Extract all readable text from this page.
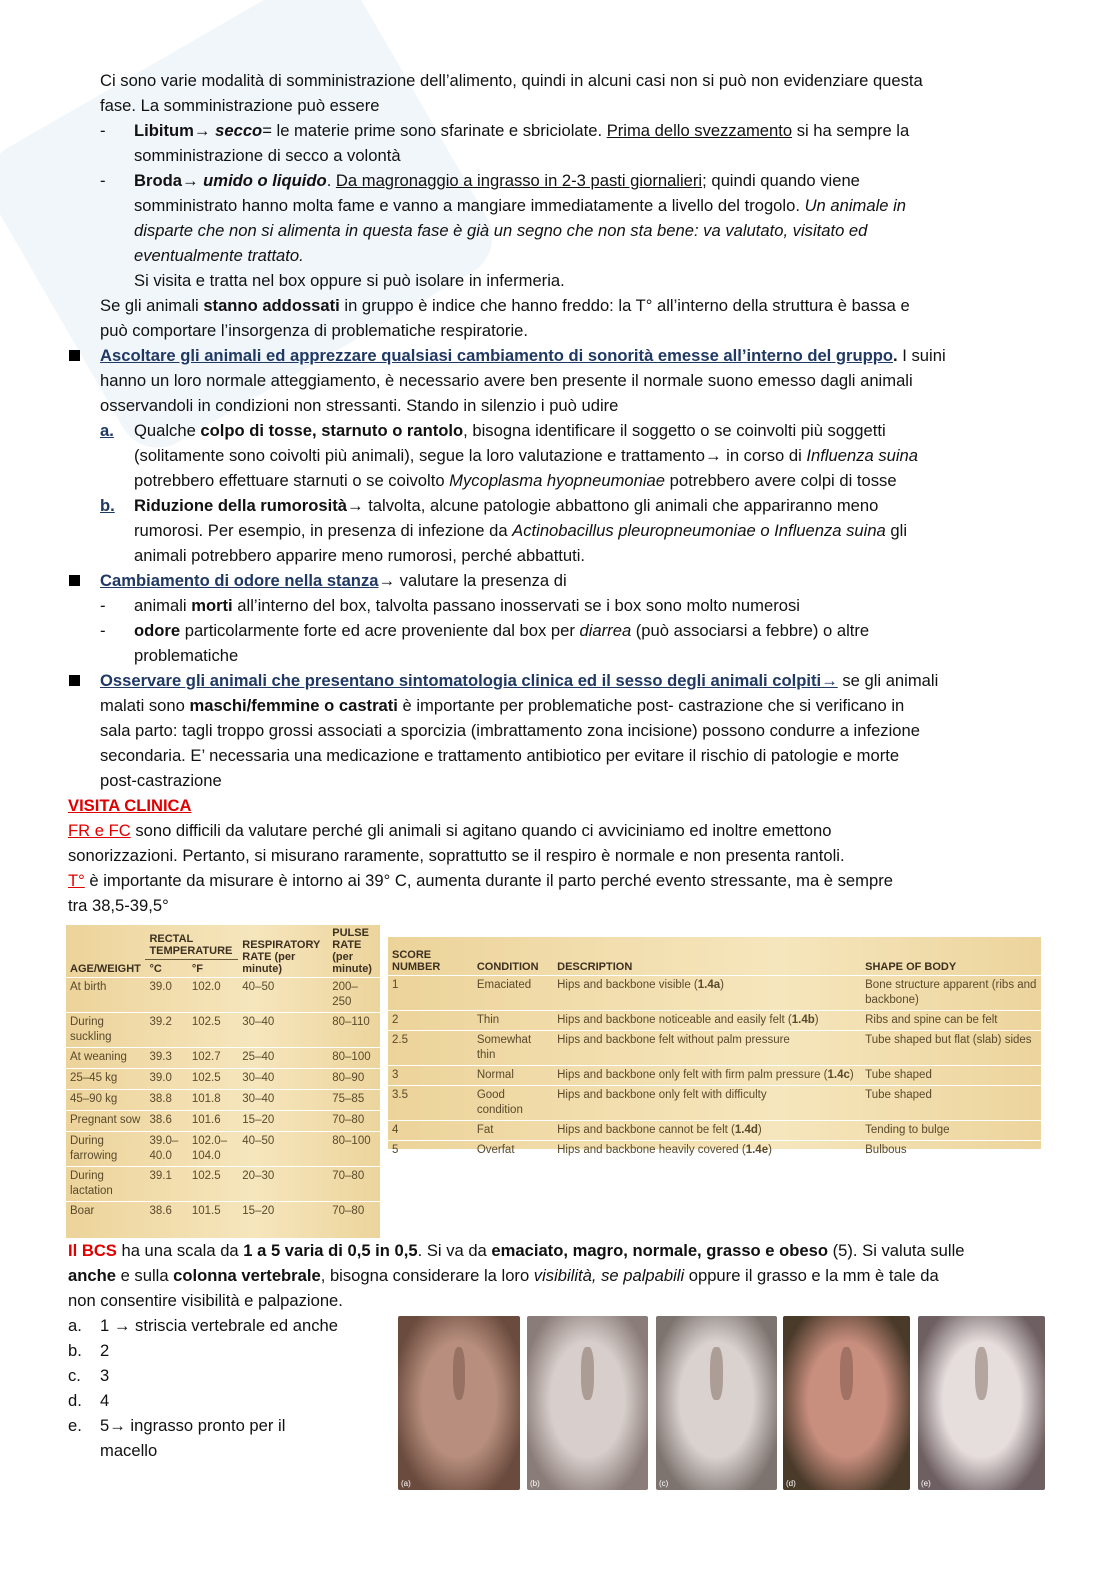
Ci sono varie modalità di somministrazione dell’alimento, quindi in alcuni casi non si può non evidenziare questa
fase. La somministrazione può essere
Libitum→ secco= le materie prime sono sfarinate e sbriciolate. Prima dello svezzamento si ha sempre la
-
somministrazione di secco a volontà
Broda→ umido o liquido. Da magronaggio a ingrasso in 2-3 pasti giornalieri; quindi quando viene
-
somministrato hanno molta fame e vanno a mangiare immediatamente a livello del trogolo. Un animale in
disparte che non si alimenta in questa fase è già un segno che non sta bene: va valutato, visitato ed
eventualmente trattato.
Si visita e tratta nel box oppure si può isolare in infermeria.
Se gli animali stanno addossati in gruppo è indice che hanno freddo: la T° all’interno della struttura è bassa e
può comportare l’insorgenza di problematiche respiratorie.
Ascoltare gli animali ed apprezzare qualsiasi cambiamento di sonorità emesse all’interno del gruppo. I suini
hanno un loro normale atteggiamento, è necessario avere ben presente il normale suono emesso dagli animali
osservandoli in condizioni non stressanti. Stando in silenzio i può udire
Qualche colpo di tosse, starnuto o rantolo, bisogna identificare il soggetto o se coinvolti più soggetti
a.
(solitamente sono coivolti più animali), segue la loro valutazione e trattamento→ in corso di Influenza suina
potrebbero effettuare starnuti o se coivolto Mycoplasma hyopneumoniae potrebbero avere colpi di tosse
Riduzione della rumorosità→ talvolta, alcune patologie abbattono gli animali che appariranno meno
b.
rumorosi. Per esempio, in presenza di infezione da Actinobacillus pleuropneumoniae o Influenza suina gli
animali potrebbero apparire meno rumorosi, perché abbattuti.
Cambiamento di odore nella stanza→ valutare la presenza di
animali morti all’interno del box, talvolta passano inosservati se i box sono molto numerosi
-
odore particolarmente forte ed acre proveniente dal box per diarrea (può associarsi a febbre) o altre
-
problematiche
Osservare gli animali che presentano sintomatologia clinica ed il sesso degli animali colpiti→ se gli animali
malati sono maschi/femmine o castrati è importante per problematiche post- castrazione che si verificano in
sala parto: tagli troppo grossi associati a sporcizia (imbrattamento zona incisione) possono condurre a infezione
secondaria. E’ necessaria una medicazione e trattamento antibiotico per evitare il rischio di patologie e morte
post-castrazione
VISITA CLINICA
FR e FC sono difficili da valutare perché gli animali si agitano quando ci avviciniamo ed inoltre emettono
sonorizzazioni. Pertanto, si misurano raramente, soprattutto se il respiro è normale e non presenta rantoli.
T° è importante da misurare è intorno ai 39° C, aumenta durante il parto perché evento stressante, ma è sempre
tra 38,5-39,5°
AGE/WEIGHT	RECTAL TEMPERATURE		RESPIRATORY RATE (per minute)	PULSE RATE (per minute)
	°C	°F		
At birth	39.0	102.0	40–50	200–250
During suckling	39.2	102.5	30–40	80–110
At weaning	39.3	102.7	25–40	80–100
25–45 kg	39.0	102.5	30–40	80–90
45–90 kg	38.8	101.8	30–40	75–85
Pregnant sow	38.6	101.6	15–20	70–80
During farrowing	39.0–40.0	102.0–104.0	40–50	80–100
During lactation	39.1	102.5	20–30	70–80
Boar	38.6	101.5	15–20	70–80
SCORE NUMBER	CONDITION	DESCRIPTION	SHAPE OF BODY
1	Emaciated	Hips and backbone visible (1.4a)	Bone structure apparent (ribs and backbone)
2	Thin	Hips and backbone noticeable and easily felt (1.4b)	Ribs and spine can be felt
2.5	Somewhat thin	Hips and backbone felt without palm pressure	Tube shaped but flat (slab) sides
3	Normal	Hips and backbone only felt with firm palm pressure (1.4c)	Tube shaped
3.5	Good condition	Hips and backbone only felt with difficulty	Tube shaped
4	Fat	Hips and backbone cannot be felt (1.4d)	Tending to bulge
5	Overfat	Hips and backbone heavily covered (1.4e)	Bulbous
Il BCS ha una scala da 1 a 5 varia di 0,5 in 0,5. Si va da emaciato, magro, normale, grasso e obeso (5). Si valuta sulle
anche e sulla colonna vertebrale, bisogna considerare la loro visibilità, se palpabili oppure il grasso e la mm è tale da
non consentire visibilità e palpazione.
a. 1 → striscia vertebrale ed anche
b. 2
c. 3
d. 4
e. 5→ ingrasso pronto per il
macello
(a)	(b)	(c)	(d)	(e)
